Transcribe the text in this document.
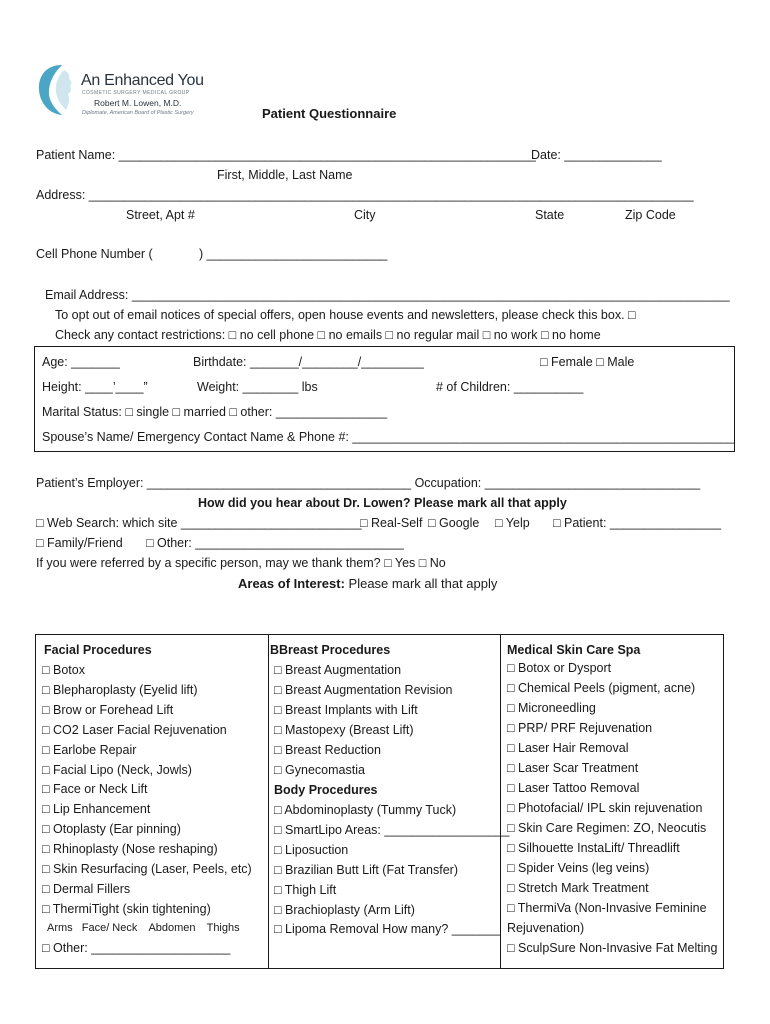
An Enhanced You
COSMETIC SURGERY MEDICAL GROUP
Robert M. Lowen, M.D.
Diplomate, American Board of Plastic Surgery	Patient Questionnaire
Patient Name: ____________________________________________________________
Date: ______________
First, Middle, Last Name
Address: _______________________________________________________________________________________
Street, Apt #	City	State	Zip Code
Cell Phone Number (	) __________________________
Email Address: ______________________________________________________________________________________
To opt out of email notices of special offers, open house events and newsletters, please check this box. □
Check any contact restrictions: □ no cell phone □ no emails □ no regular mail □ no work □ no home
Age: _______	Birthdate: _______/________/_________	□ Female □ Male
Height: ____’____”	Weight: ________ lbs	# of Children: __________
Marital Status: □ single □ married □ other: ________________
Spouse’s Name/ Emergency Contact Name & Phone #: _______________________________________________________
Patient’s Employer: ______________________________________ Occupation: _______________________________
How did you hear about Dr. Lowen? Please mark all that apply
□ Web Search: which site __________________________
□ Real-Self □ Google □ Yelp □ Patient: ________________
□ Family/Friend □ Other: ______________________________
If you were referred by a specific person, may we thank them? □ Yes □ No
Areas of Interest: Please mark all that apply
Facial Procedures
□ Botox
□ Blepharoplasty (Eyelid lift)
□ Brow or Forehead Lift
□ CO2 Laser Facial Rejuvenation
□ Earlobe Repair
□ Facial Lipo (Neck, Jowls)
□ Face or Neck Lift
□ Lip Enhancement
□ Otoplasty (Ear pinning)
□ Rhinoplasty (Nose reshaping)
□ Skin Resurfacing (Laser, Peels, etc)
□ Dermal Fillers
□ ThermiTight (skin tightening)
Arms Face/ Neck Abdomen Thighs
□ Other: ____________________
BBreast Procedures
□ Breast Augmentation
□ Breast Augmentation Revision
□ Breast Implants with Lift
□ Mastopexy (Breast Lift)
□ Breast Reduction
□ Gynecomastia
Body Procedures
□ Abdominoplasty (Tummy Tuck)
□ SmartLipo Areas: __________________
□ Liposuction
□ Brazilian Butt Lift (Fat Transfer)
□ Thigh Lift
□ Brachioplasty (Arm Lift)
□ Lipoma Removal How many? _______
Medical Skin Care Spa
□ Botox or Dysport
□ Chemical Peels (pigment, acne)
□ Microneedling
□ PRP/ PRF Rejuvenation
□ Laser Hair Removal
□ Laser Scar Treatment
□ Laser Tattoo Removal
□ Photofacial/ IPL skin rejuvenation
□ Skin Care Regimen: ZO, Neocutis
□ Silhouette InstaLift/ Threadlift
□ Spider Veins (leg veins)
□ Stretch Mark Treatment
□ ThermiVa (Non-Invasive Feminine
Rejuvenation)
□ SculpSure Non-Invasive Fat Melting
